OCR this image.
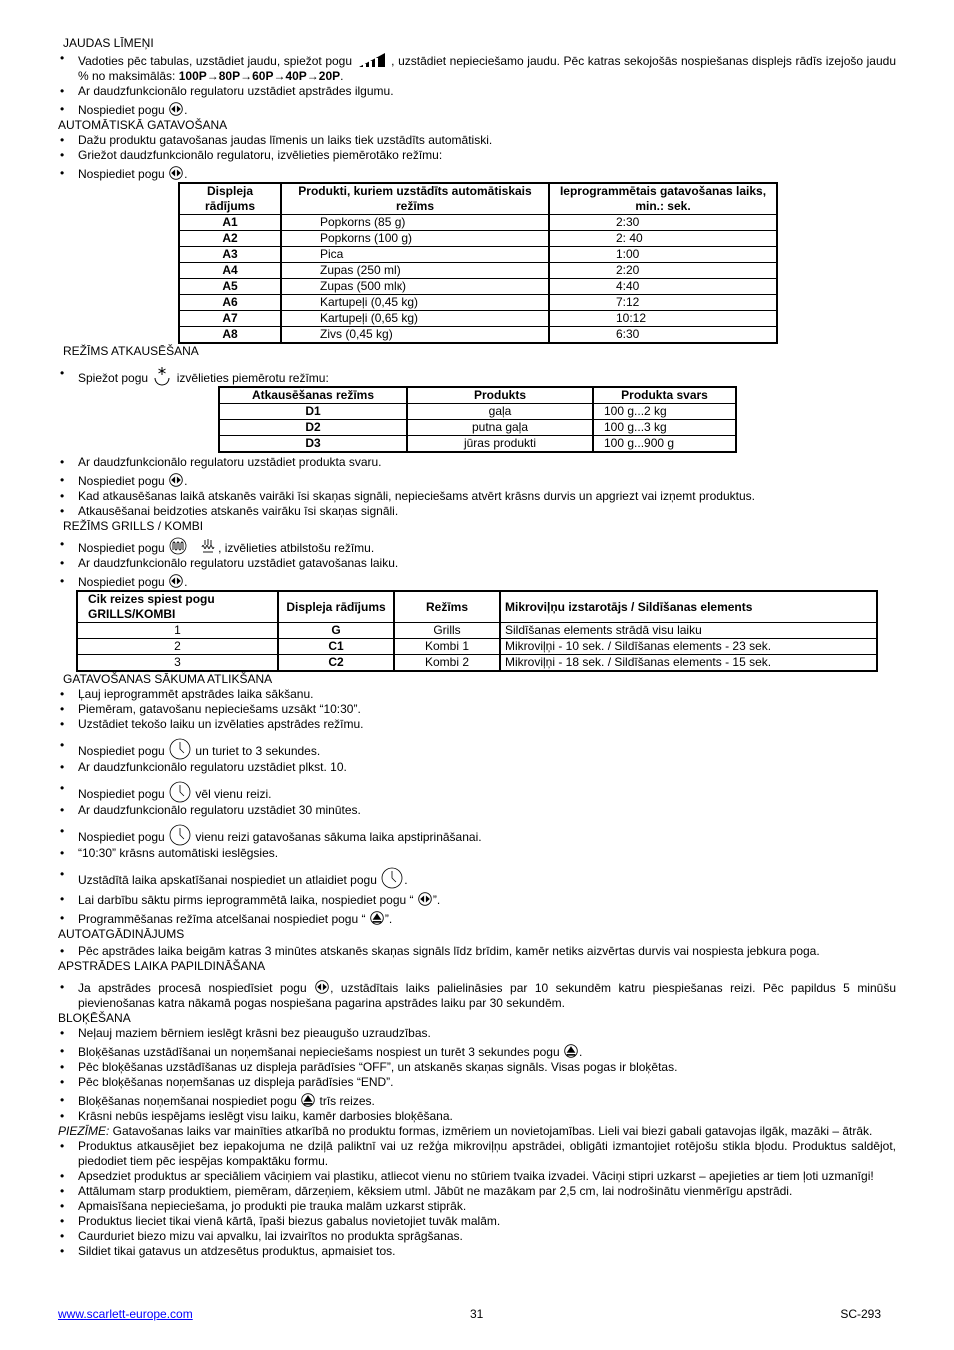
JAUDAS LĪMEŅI
• Vadoties pēc tabulas, uzstādiet jaudu, spiežot pogu	, uzstādiet nepieciešamo jaudu. Pēc katras sekojošās nospiešanas displejs rādīs izejošo jaudu % no maksimālās: 100P→80P→60P→40P→20P.
• Ar daudzfunkcionālo regulatoru uzstādiet apstrādes ilgumu.
• Nospiediet pogu .
AUTOMĀTISKĀ GATAVOŠANA
• Dažu produktu gatavošanas jaudas līmenis un laiks tiek uzstādīts automātiski.
• Griežot daudzfunkcionālo regulatoru, izvēlieties piemērotāko režīmu:
• Nospiediet pogu .
Displeja rādījums	Produkti, kuriem uzstādīts automātiskais režīms	Ieprogrammētais gatavošanas laiks, min.: sek.
A1	Popkorns (85 g)	2:30
A2	Popkorns (100 g)	2: 40
A3	Pica	1:00
A4	Zupas (250 ml)	2:20
A5	Zupas (500 mlк)	4:40
A6	Kartupeļi (0,45 kg)	7:12
A7	Kartupeļi (0,65 kg)	10:12
A8	Zivs (0,45 kg)	6:30
REŽĪMS ATKAUSĒŠANA
• Spiežot pogu izvēlieties piemērotu režīmu:
Atkausēšanas režīms	Produkts	Produkta svars
D1	gaļa	100 g...2 kg
D2	putna gaļa	100 g...3 kg
D3	jūras produkti	100 g...900 g
• Ar daudzfunkcionālo regulatoru uzstādiet produkta svaru.
• Nospiediet pogu .
• Kad atkausēšanas laikā atskanēs vairāki īsi skaņas signāli, nepieciešams atvērt krāsns durvis un apgriezt vai izņemt produktus.
• Atkausēšanai beidzoties atskanēs vairāku īsi skaņas signāli.
REŽĪMS GRILLS / KOMBI
• Nospiediet pogu	, izvēlieties atbilstošu režīmu.
• Ar daudzfunkcionālo regulatoru uzstādiet gatavošanas laiku.
• Nospiediet pogu .
Cik reizes spiest pogu GRILLS/KOMBI	Displeja rādījums	Režīms	Mikroviļņu izstarotājs / Sildīšanas elements
1	G	Grills	Sildīšanas elements strādā visu laiku
2	C1	Kombi 1	Mikroviļņi - 10 sek. / Sildīšanas elements - 23 sek.
3	C2	Kombi 2	Mikroviļņi - 18 sek. / Sildīšanas elements - 15 sek.
GATAVOŠANAS SĀKUMA ATLIKŠANA
• Ļauj ieprogrammēt apstrādes laika sākšanu.
• Piemēram, gatavošanu nepieciešams uzsākt “10:30”.
• Uzstādiet tekošo laiku un izvēlaties apstrādes režīmu.
• Nospiediet pogu	un turiet to 3 sekundes.
• Ar daudzfunkcionālo regulatoru uzstādiet plkst. 10.
• Nospiediet pogu	vēl vienu reizi.
• Ar daudzfunkcionālo regulatoru uzstādiet 30 minūtes.
• Nospiediet pogu	vienu reizi gatavošanas sākuma laika apstiprināšanai.
• “10:30” krāsns automātiski ieslēgsies.
• Uzstādītā laika apskatīšanai nospiediet un atlaidiet pogu .
• Lai darbību sāktu pirms ieprogrammētā laika, nospiediet pogu “ ”.
• Programmēšanas režīma atcelšanai nospiediet pogu “ ”.
AUTOATGĀDINĀJUMS
• Pēc apstrādes laika beigām katras 3 minūtes atskanēs skaņas signāls līdz brīdim, kamēr netiks aizvērtas durvis vai nospiesta jebkura poga.
APSTRĀDES LAIKA PAPILDINĀŠANA
• Ja apstrādes procesā nospiedīsiet pogu , uzstādītais laiks palielināsies par 10 sekundēm katru piespiešanas reizi. Pēc papildus 5 minūšu pievienošanas katra nākamā pogas nospiešana pagarina apstrādes laiku par 30 sekundēm.
BLOĶĒŠANA
• Neļauj maziem bērniem ieslēgt krāsni bez pieaugušo uzraudzības.
• Bloķēšanas uzstādīšanai un noņemšanai nepieciešams nospiest un turēt 3 sekundes pogu .
• Pēc bloķēšanas uzstādīšanas uz displeja parādīsies “OFF”, un atskanēs skaņas signāls. Visas pogas ir bloķētas.
• Pēc bloķēšanas noņemšanas uz displeja parādīsies “END”.
• Bloķēšanas noņemšanai nospiediet pogu trīs reizes.
• Krāsni nebūs iespējams ieslēgt visu laiku, kamēr darbosies bloķēšana.
PIEZĪME: Gatavošanas laiks var mainīties atkarībā no produktu formas, izmēriem un novietojamības. Lieli vai biezi gabali gatavojas ilgāk, mazāki – ātrāk.
• Produktus atkausējiet bez iepakojuma ne dziļā paliktnī vai uz režģa mikroviļņu apstrādei, obligāti izmantojiet rotējošu stikla bļodu. Produktus saldējot, piedodiet tiem pēc iespējas kompaktāku formu.
• Apsedziet produktus ar speciāliem vāciņiem vai plastiku, atliecot vienu no stūriem tvaika izvadei. Vāciņi stipri uzkarst – apejieties ar tiem ļoti uzmanīgi!
• Attālumam starp produktiem, piemēram, dārzeņiem, kēksiem utml. Jābūt ne mazākam par 2,5 cm, lai nodrošinātu vienmērīgu apstrādi.
• Apmaisīšana nepieciešama, jo produkti pie trauka malām uzkarst stiprāk.
• Produktus lieciet tikai vienā kārtā, īpaši biezus gabalus novietojiet tuvāk malām.
• Caurduriet biezo mizu vai apvalku, lai izvairītos no produkta sprāgšanas.
• Sildiet tikai gatavus un atdzesētus produktus, apmaisiet tos.
www.scarlett-europe.com	31	SC-293
